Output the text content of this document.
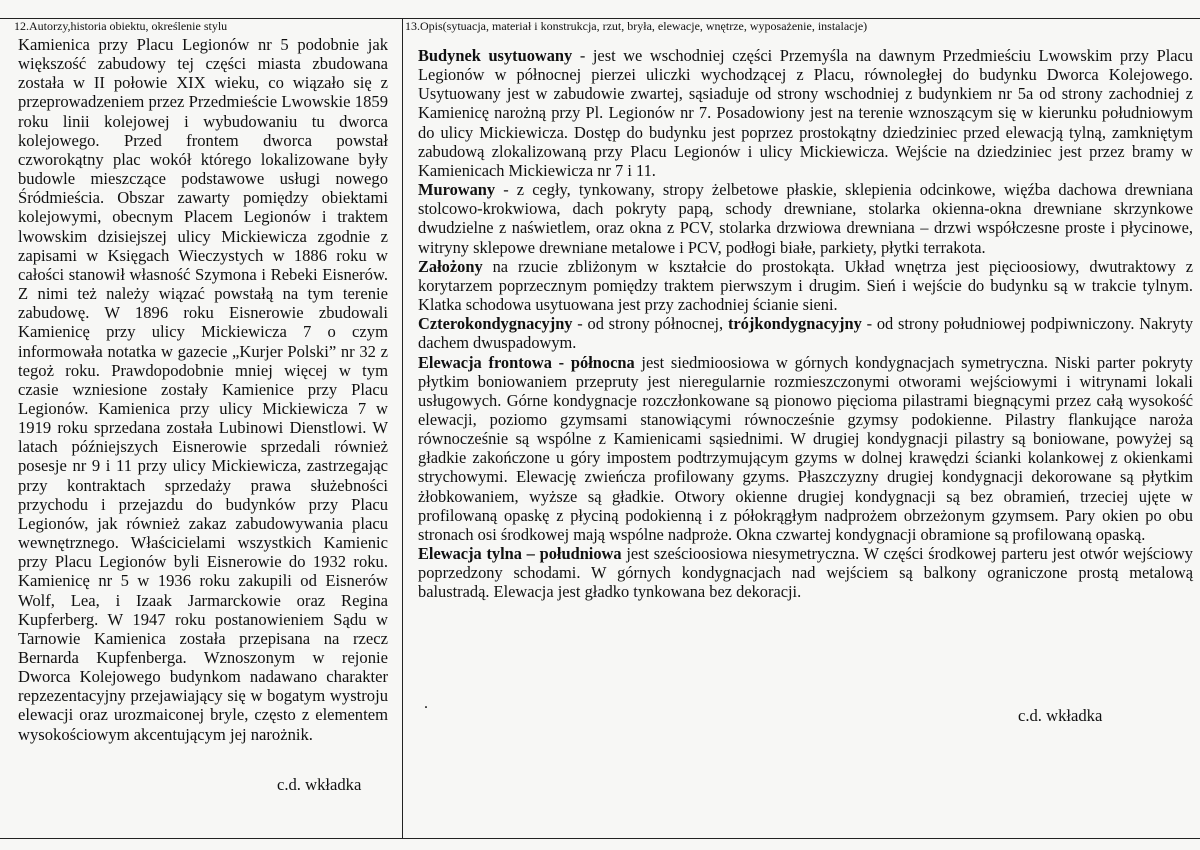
12.Autorzy,historia obiektu, określenie stylu

Kamienica przy Placu Legionów nr 5 podobnie jak większość zabudowy tej części miasta zbudowana została w II połowie XIX wieku, co wiązało się z przeprowadzeniem przez Przedmieście Lwowskie 1859 roku linii kolejowej i wybudowaniu tu dworca kolejowego. Przed frontem dworca powstał czworokątny plac wokół którego lokalizowane były budowle mieszczące podstawowe usługi nowego Śródmieścia. Obszar zawarty pomiędzy obiektami kolejowymi, obecnym Placem Legionów i traktem lwowskim dzisiejszej ulicy Mickiewicza zgodnie z zapisami w Księgach Wieczystych w 1886 roku w całości stanowił własność Szymona i Rebeki Eisnerów. Z nimi też należy wiązać powstałą na tym terenie zabudowę. W 1896 roku Eisnerowie zbudowali Kamienicę przy ulicy Mickiewicza 7 o czym informowała notatka w gazecie „Kurjer Polski” nr 32 z tegoż roku. Prawdopodobnie mniej więcej w tym czasie wzniesione zostały Kamienice przy Placu Legionów. Kamienica przy ulicy Mickiewicza 7 w 1919 roku sprzedana została Lubinowi Dienstlowi. W latach późniejszych Eisnerowie sprzedali również posesje nr 9 i 11 przy ulicy Mickiewicza, zastrzegając przy kontraktach sprzedaży prawa służebności przychodu i przejazdu do budynków przy Placu Legionów, jak również zakaz zabudowywania placu wewnętrznego. Właścicielami wszystkich Kamienic przy Placu Legionów byli Eisnerowie do 1932 roku. Kamienicę nr 5 w 1936 roku zakupili od Eisnerów Wolf, Lea, i Izaak Jarmarckowie oraz Regina Kupferberg. W 1947 roku postanowieniem Sądu w Tarnowie Kamienica została przepisana na rzecz Bernarda Kupfenberga. Wznoszonym w rejonie Dworca Kolejowego budynkom nadawano charakter repzezentacyjny przejawiający się w bogatym wystroju elewacji oraz urozmaiconej bryle, często z elementem wysokościowym akcentującym jej narożnik.

c.d. wkładka
13.Opis(sytuacja, materiał i konstrukcja, rzut, bryła, elewacje, wnętrze, wyposażenie, instalacje)

Budynek usytuowany - jest we wschodniej części Przemyśla na dawnym Przedmieściu Lwowskim przy Placu Legionów w północnej pierzei uliczki wychodzącej z Placu, równoległej do budynku Dworca Kolejowego. Usytuowany jest w zabudowie zwartej, sąsiaduje od strony wschodniej z budynkiem nr 5a od strony zachodniej z Kamienicę narożną przy Pl. Legionów nr 7. Posadowiony jest na terenie wznoszącym się w kierunku południowym do ulicy Mickiewicza. Dostęp do budynku jest poprzez prostokątny dziedziniec przed elewacją tylną, zamkniętym zabudową zlokalizowaną przy Placu Legionów i ulicy Mickiewicza. Wejście na dziedziniec jest przez bramy w Kamienicach Mickiewicza nr 7 i 11.

Murowany - z cegły, tynkowany, stropy żelbetowe płaskie, sklepienia odcinkowe, więźba dachowa drewniana stolcowo-krokwiowa, dach pokryty papą, schody drewniane, stolarka okienna-okna drewniane skrzynkowe dwudzielne z naświetlem, oraz okna z PCV, stolarka drzwiowa drewniana – drzwi współczesne proste i płycinowe, witryny sklepowe drewniane metalowe i PCV, podłogi białe, parkiety, płytki terrakota.

Założony na rzucie zbliżonym w kształcie do prostokąta. Układ wnętrza jest pięcioosiowy, dwutraktowy z korytarzem poprzecznym pomiędzy traktem pierwszym i drugim. Sień i wejście do budynku są w trakcie tylnym. Klatka schodowa usytuowana jest przy zachodniej ścianie sieni.

Czterokondygnacyjny - od strony północnej, trójkondygnacyjny - od strony południowej podpiwniczony. Nakryty dachem dwuspadowym.

Elewacja frontowa - północna jest siedmioosiowa w górnych kondygnacjach symetryczna. Niski parter pokryty płytkim boniowaniem przepruty jest nieregularnie rozmieszczonymi otworami wejściowymi i witrynami lokali usługowych. Górne kondygnacje rozczłonkowane są pionowo pięcioma pilastrami biegnącymi przez całą wysokość elewacji, poziomo gzymsami stanowiącymi równocześnie gzymsy podokienne. Pilastry flankujące naroża równocześnie są wspólne z Kamienicami sąsiednimi. W drugiej kondygnacji pilastry są boniowane, powyżej są gładkie zakończone u góry impostem podtrzymującym gzyms w dolnej krawędzi ścianki kolankowej z okienkami strychowymi. Elewację zwieńcza profilowany gzyms. Płaszczyzny drugiej kondygnacji dekorowane są płytkim żłobkowaniem, wyższe są gładkie. Otwory okienne drugiej kondygnacji są bez obramień, trzeciej ujęte w profilowaną opaskę z płyciną podokienną i z półokrągłym nadprożem obrzeżonym gzymsem. Pary okien po obu stronach osi środkowej mają wspólne nadproże. Okna czwartej kondygnacji obramione są profilowaną opaską.

Elewacja tylna – południowa jest sześcioosiowa niesymetryczna. W części środkowej parteru jest otwór wejściowy poprzedzony schodami. W górnych kondygnacjach nad wejściem są balkony ograniczone prostą metalową balustradą. Elewacja jest gładko tynkowana bez dekoracji.

.
c.d. wkładka
